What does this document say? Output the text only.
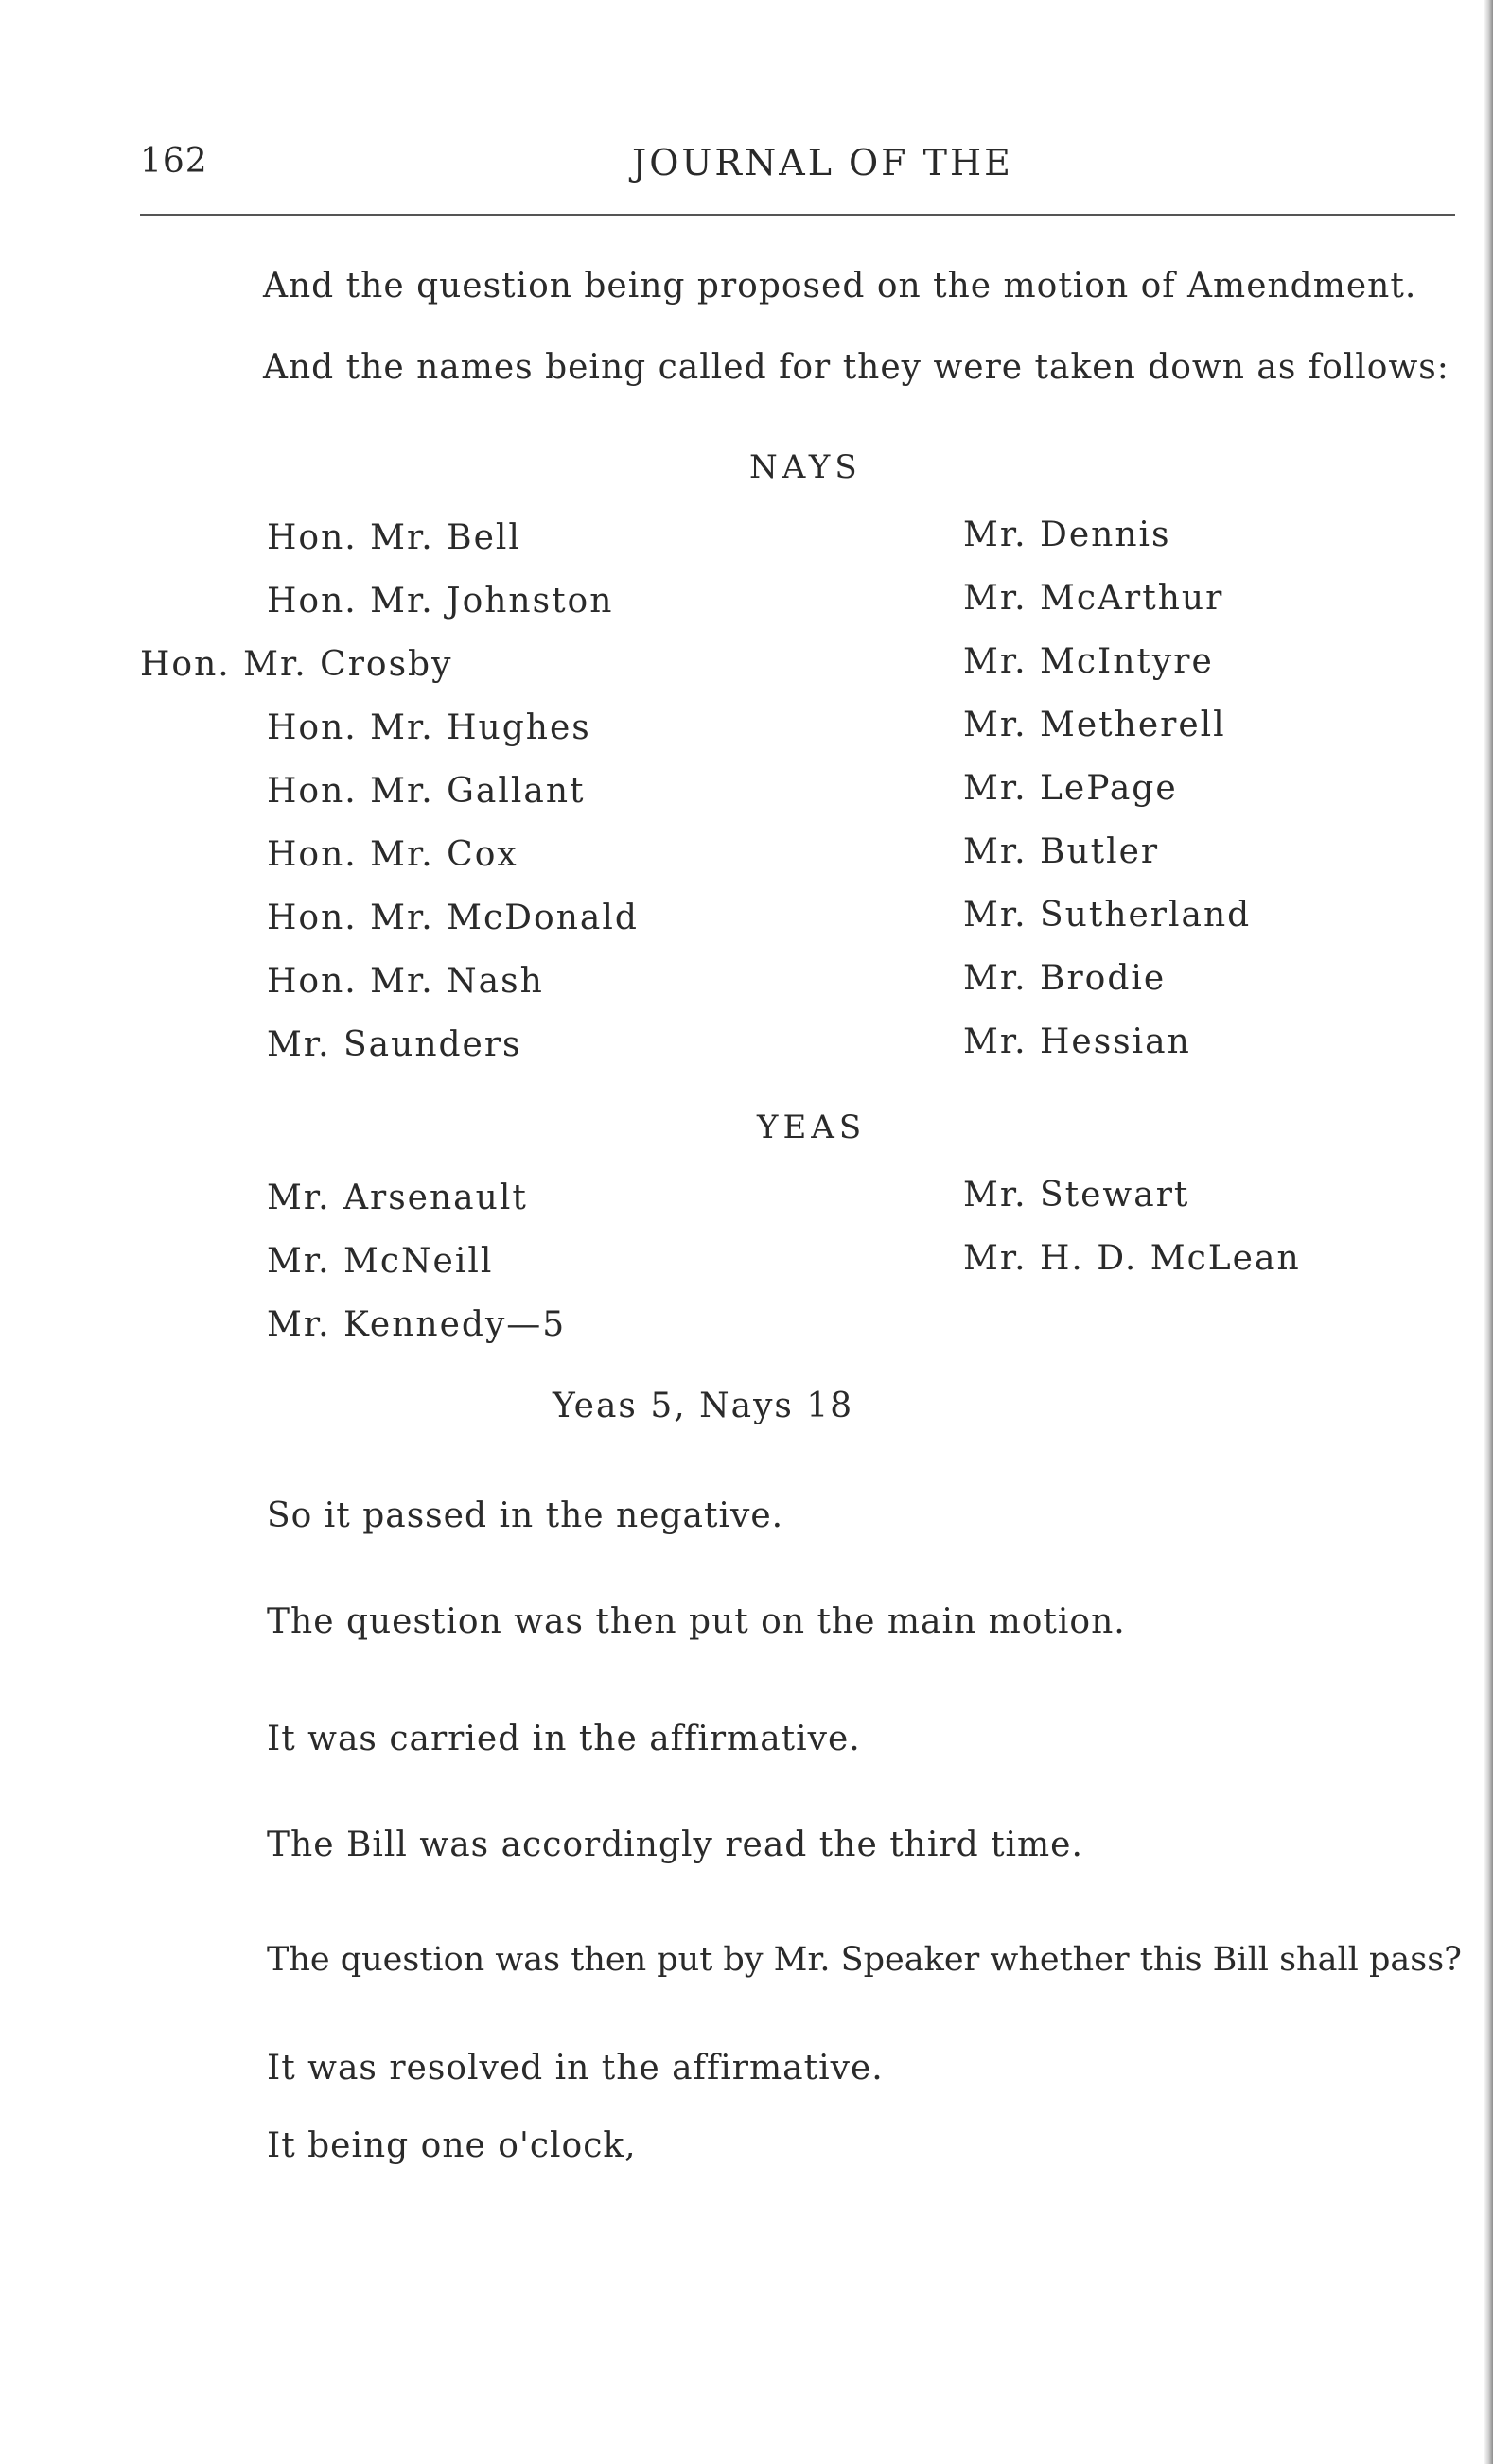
162	JOURNAL OF THE
And the question being proposed on the motion of Amendment.
And the names being called for they were taken down as follows:
NAYS
Hon. Mr. Bell
Hon. Mr. Johnston
Hon. Mr. Crosby
Hon. Mr. Hughes
Hon. Mr. Gallant
Hon. Mr. Cox
Hon. Mr. McDonald
Hon. Mr. Nash
Mr. Saunders
Mr. Dennis
Mr. McArthur
Mr. McIntyre
Mr. Metherell
Mr. LePage
Mr. Butler
Mr. Sutherland
Mr. Brodie
Mr. Hessian
YEAS
Mr. Arsenault
Mr. McNeill
Mr. Kennedy—5
Mr. Stewart
Mr. H. D. McLean
Yeas 5, Nays 18
So it passed in the negative.
The question was then put on the main motion.
It was carried in the affirmative.
The Bill was accordingly read the third time.
The question was then put by Mr. Speaker whether this Bill shall pass?
It was resolved in the affirmative.
It being one o'clock,
